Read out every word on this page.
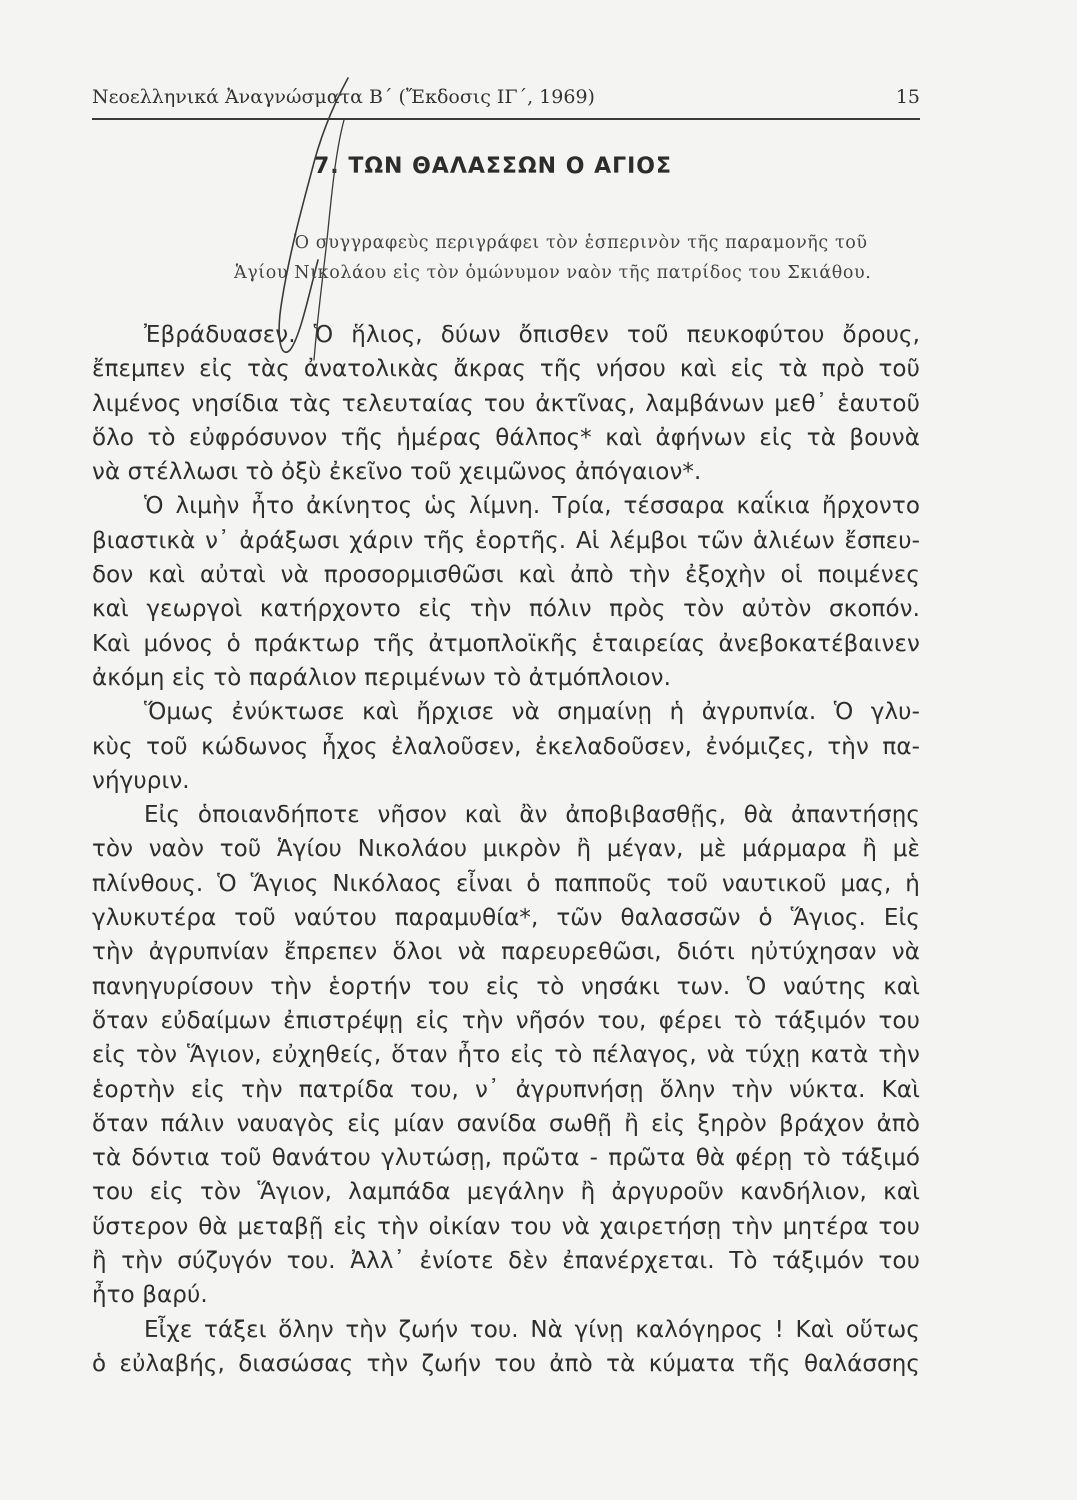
Νεοελληνικά Ἀναγνώσματα Β΄ (Ἔκδοσις ΙΓ΄, 1969)	15
7. ΤΩΝ ΘΑΛΑΣΣΩΝ Ο ΑΓΙΟΣ
Ὁ συγγραφεὺς περιγράφει τὸν ἑσπερινὸν τῆς παραμονῆς τοῦ
Ἁγίου Νικολάου εἰς τὸν ὁμώνυμον ναὸν τῆς πατρίδος του Σκιάθου.
Ἐβράδυασεν. Ὁ ἥλιος, δύων ὄπισθεν τοῦ πευκοφύτου ὄρους,
ἔπεμπεν εἰς τὰς ἀνατολικὰς ἄκρας τῆς νήσου καὶ εἰς τὰ πρὸ τοῦ
λιμένος νησίδια τὰς τελευταίας του ἀκτῖνας, λαμβάνων μεθ᾽ ἑαυτοῦ
ὅλο τὸ εὐφρόσυνον τῆς ἡμέρας θάλπος* καὶ ἀφήνων εἰς τὰ βουνὰ
νὰ στέλλωσι τὸ ὀξὺ ἐκεῖνο τοῦ χειμῶνος ἀπόγαιον*.
Ὁ λιμὴν ἦτο ἀκίνητος ὡς λίμνη. Τρία, τέσσαρα καΐκια ἤρχοντο
βιαστικὰ ν᾽ ἀράξωσι χάριν τῆς ἑορτῆς. Αἱ λέμβοι τῶν ἁλιέων ἔσπευ-
δον καὶ αὐταὶ νὰ προσορμισθῶσι καὶ ἀπὸ τὴν ἐξοχὴν οἱ ποιμένες
καὶ γεωργοὶ κατήρχοντο εἰς τὴν πόλιν πρὸς τὸν αὐτὸν σκοπόν.
Καὶ μόνος ὁ πράκτωρ τῆς ἀτμοπλοϊκῆς ἑταιρείας ἀνεβοκατέβαινεν
ἀκόμη εἰς τὸ παράλιον περιμένων τὸ ἀτμόπλοιον.
Ὅμως ἐνύκτωσε καὶ ἤρχισε νὰ σημαίνῃ ἡ ἀγρυπνία. Ὁ γλυ-
κὺς τοῦ κώδωνος ἦχος ἐλαλοῦσεν, ἐκελαδοῦσεν, ἐνόμιζες, τὴν πα-
νήγυριν.
Εἰς ὁποιανδήποτε νῆσον καὶ ἂν ἀποβιβασθῇς, θὰ ἀπαντήσῃς
τὸν ναὸν τοῦ Ἁγίου Νικολάου μικρὸν ἢ μέγαν, μὲ μάρμαρα ἢ μὲ
πλίνθους. Ὁ Ἅγιος Νικόλαος εἶναι ὁ παπποῦς τοῦ ναυτικοῦ μας, ἡ
γλυκυτέρα τοῦ ναύτου παραμυθία*, τῶν θαλασσῶν ὁ Ἅγιος. Εἰς
τὴν ἀγρυπνίαν ἔπρεπεν ὅλοι νὰ παρευρεθῶσι, διότι ηὐτύχησαν νὰ
πανηγυρίσουν τὴν ἑορτήν του εἰς τὸ νησάκι των. Ὁ ναύτης καὶ
ὅταν εὐδαίμων ἐπιστρέψῃ εἰς τὴν νῆσόν του, φέρει τὸ τάξιμόν του
εἰς τὸν Ἅγιον, εὐχηθείς, ὅταν ἦτο εἰς τὸ πέλαγος, νὰ τύχῃ κατὰ τὴν
ἑορτὴν εἰς τὴν πατρίδα του, ν᾽ ἀγρυπνήσῃ ὅλην τὴν νύκτα. Καὶ
ὅταν πάλιν ναυαγὸς εἰς μίαν σανίδα σωθῇ ἢ εἰς ξηρὸν βράχον ἀπὸ
τὰ δόντια τοῦ θανάτου γλυτώσῃ, πρῶτα - πρῶτα θὰ φέρῃ τὸ τάξιμό
του εἰς τὸν Ἅγιον, λαμπάδα μεγάλην ἢ ἀργυροῦν κανδήλιον, καὶ
ὕστερον θὰ μεταβῇ εἰς τὴν οἰκίαν του νὰ χαιρετήσῃ τὴν μητέρα του
ἢ τὴν σύζυγόν του. Ἀλλ᾽ ἐνίοτε δὲν ἐπανέρχεται. Τὸ τάξιμόν του
ἦτο βαρύ.
Εἶχε τάξει ὅλην τὴν ζωήν του. Νὰ γίνῃ καλόγηρος ! Καὶ οὕτως
ὁ εὐλαβής, διασώσας τὴν ζωήν του ἀπὸ τὰ κύματα τῆς θαλάσσης
